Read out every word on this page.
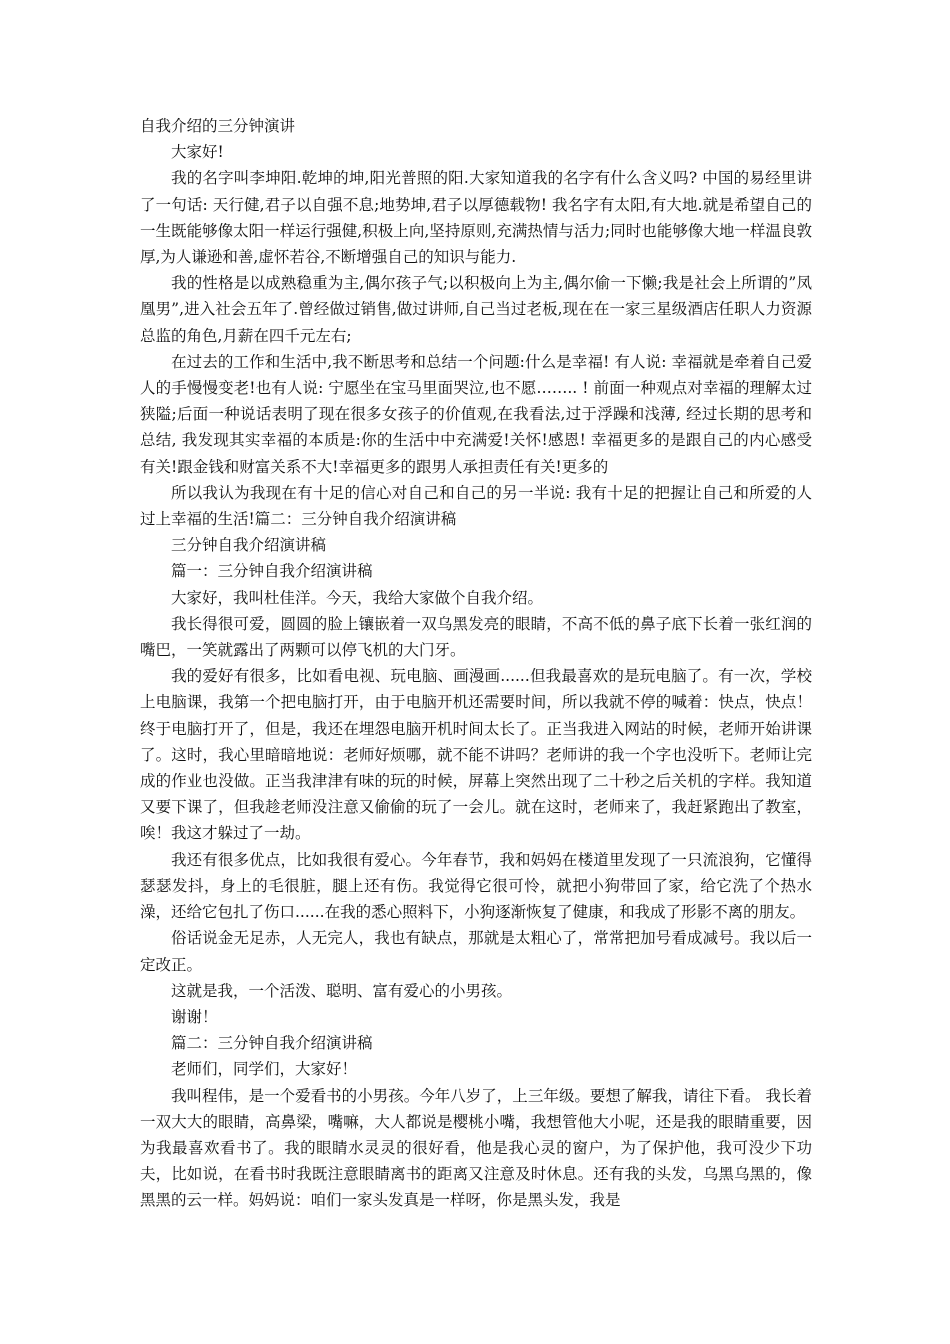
自我介绍的三分钟演讲

大家好!

我的名字叫李坤阳.乾坤的坤,阳光普照的阳.大家知道我的名字有什么含义吗? 中国的易经里讲了一句话: 天行健,君子以自强不息;地势坤,君子以厚德载物! 我名字有太阳,有大地.就是希望自己的一生既能够像太阳一样运行强健,积极上向,坚持原则,充满热情与活力;同时也能够像大地一样温良敦厚,为人谦逊和善,虚怀若谷,不断增强自己的知识与能力.

我的性格是以成熟稳重为主,偶尔孩子气;以积极向上为主,偶尔偷一下懒;我是社会上所谓的”凤凰男”,进入社会五年了.曾经做过销售,做过讲师,自己当过老板,现在在一家三星级酒店任职人力资源总监的角色,月薪在四千元左右;

在过去的工作和生活中,我不断思考和总结一个问题:什么是幸福! 有人说: 幸福就是牵着自己爱人的手慢慢变老!也有人说: 宁愿坐在宝马里面哭泣,也不愿…….. ! 前面一种观点对幸福的理解太过狭隘;后面一种说话表明了现在很多女孩子的价值观,在我看法,过于浮躁和浅薄, 经过长期的思考和总结, 我发现其实幸福的本质是:你的生活中中充满爱!关怀!感恩! 幸福更多的是跟自己的内心感受有关!跟金钱和财富关系不大!幸福更多的跟男人承担责任有关!更多的

所以我认为我现在有十足的信心对自己和自己的另一半说: 我有十足的把握让自己和所爱的人过上幸福的生活!篇二：三分钟自我介绍演讲稿

三分钟自我介绍演讲稿

篇一：三分钟自我介绍演讲稿

大家好，我叫杜佳洋。今天，我给大家做个自我介绍。

我长得很可爱，圆圆的脸上镶嵌着一双乌黑发亮的眼睛，不高不低的鼻子底下长着一张红润的嘴巴，一笑就露出了两颗可以停飞机的大门牙。

我的爱好有很多，比如看电视、玩电脑、画漫画......但我最喜欢的是玩电脑了。有一次，学校上电脑课，我第一个把电脑打开，由于电脑开机还需要时间，所以我就不停的喊着：快点，快点！终于电脑打开了，但是，我还在埋怨电脑开机时间太长了。正当我进入网站的时候，老师开始讲课了。这时，我心里暗暗地说：老师好烦哪，就不能不讲吗？老师讲的我一个字也没听下。老师让完成的作业也没做。正当我津津有味的玩的时候，屏幕上突然出现了二十秒之后关机的字样。我知道又要下课了，但我趁老师没注意又偷偷的玩了一会儿。就在这时，老师来了，我赶紧跑出了教室，唉！我这才躲过了一劫。

我还有很多优点，比如我很有爱心。今年春节，我和妈妈在楼道里发现了一只流浪狗，它懂得瑟瑟发抖，身上的毛很脏，腿上还有伤。我觉得它很可怜，就把小狗带回了家，给它洗了个热水澡，还给它包扎了伤口......在我的悉心照料下，小狗逐渐恢复了健康，和我成了形影不离的朋友。

俗话说金无足赤，人无完人，我也有缺点，那就是太粗心了，常常把加号看成减号。我以后一定改正。

这就是我，一个活泼、聪明、富有爱心的小男孩。

谢谢！

篇二：三分钟自我介绍演讲稿

老师们，同学们，大家好！

我叫程伟，是一个爱看书的小男孩。今年八岁了，上三年级。要想了解我，请往下看。 我长着一双大大的眼睛，高鼻梁，嘴嘛，大人都说是樱桃小嘴，我想管他大小呢，还是我的眼睛重要，因为我最喜欢看书了。我的眼睛水灵灵的很好看，他是我心灵的窗户，为了保护他，我可没少下功夫，比如说，在看书时我既注意眼睛离书的距离又注意及时休息。还有我的头发，乌黑乌黑的，像黑黑的云一样。妈妈说：咱们一家头发真是一样呀，你是黑头发，我是
